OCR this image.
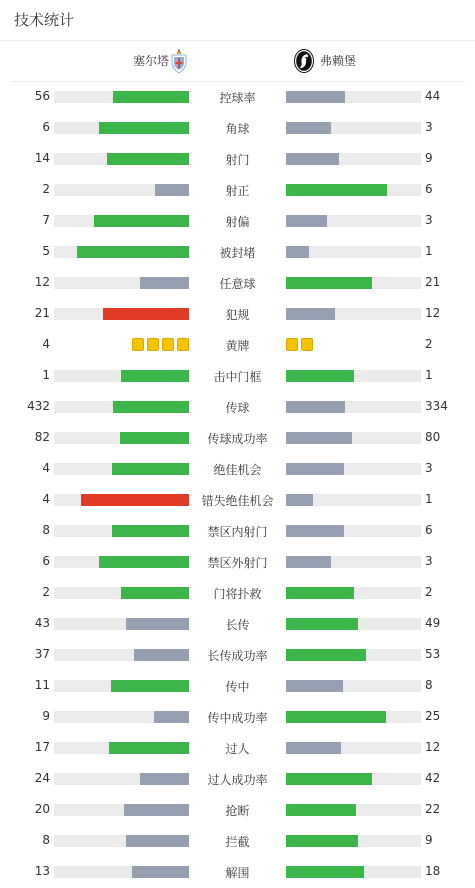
技术统计
塞尔塔	弗赖堡
56	控球率	44
6	角球	3
14	射门	9
2	射正	6
7	射偏	3
5	被封堵	1
12	任意球	21
21	犯规	12
4	黄牌	2
1	击中门框	1
432	传球	334
82	传球成功率	80
4	绝佳机会	3
4	错失绝佳机会	1
8	禁区内射门	6
6	禁区外射门	3
2	门将扑救	2
43	长传	49
37	长传成功率	53
11	传中	8
9	传中成功率	25
17	过人	12
24	过人成功率	42
20	抢断	22
8	拦截	9
13	解围	18
